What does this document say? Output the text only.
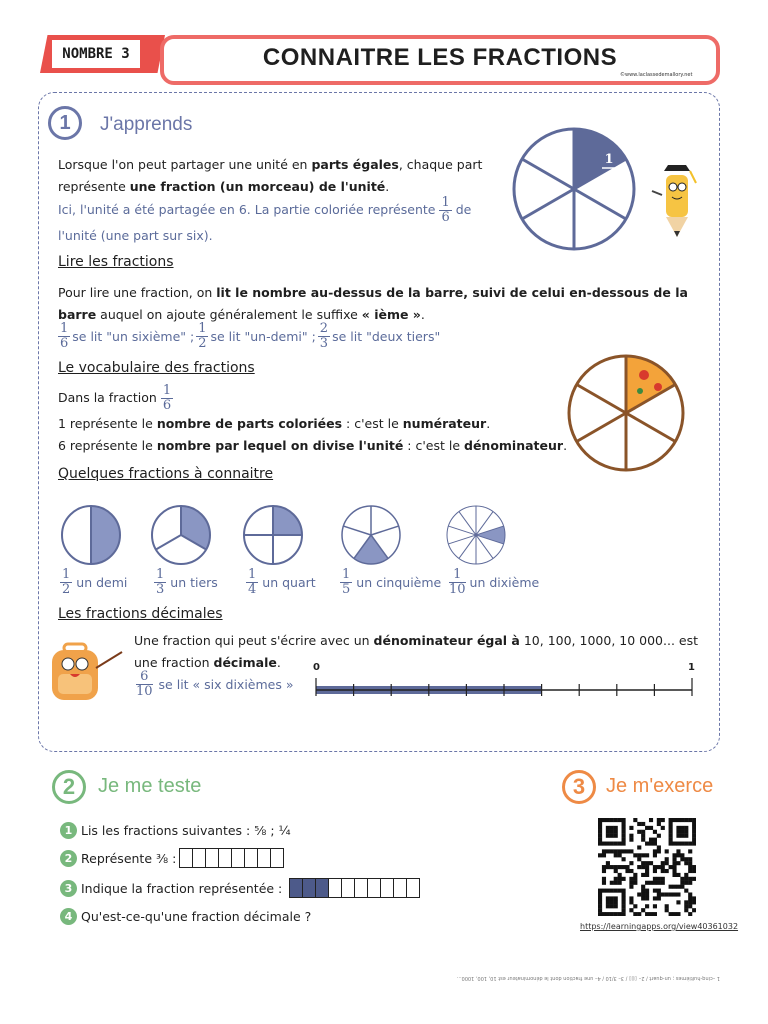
NOMBRE 3	CONNAITRE LES FRACTIONS
©www.laclassedemallory.net
1	J'apprends
Lorsque l'on peut partager une unité en parts égales, chaque part représente une fraction (un morceau) de l'unité.
Ici, l'unité a été partagée en 6. La partie coloriée représente $\frac{1}{6}$ de
l'unité (une part sur six).
1
6
Lire les fractions
Pour lire une fraction, on lit le nombre au-dessus de la barre, suivi de celui en-dessous de la
barre auquel on ajoute généralement le suffixe « ième ».
$\frac{1}{6}$ se lit "un sixième" ; $\frac{1}{2}$ se lit "un-demi" ; $\frac{2}{3}$ se lit "deux tiers"
Le vocabulaire des fractions
Dans la fraction $\frac{1}{6}$

1 représente le nombre de parts coloriées : c'est le numérateur.
6 représente le nombre par lequel on divise l'unité : c'est le dénominateur.
Quelques fractions à connaitre
$\frac{1}{2}$
un demi $\frac{1}{3}$
un tiers $\frac{1}{4}$
un quart $\frac{1}{5}$
un cinquième $\frac{1}{10}$
un dixième
Les fractions décimales
Une fraction qui peut s'écrire avec un dénominateur égal à 10, 100, 1000, 10 000... est
une fraction décimale.
$\frac{6}{10}$ se lit « six dixièmes »
0	1
2	Je me teste
1 Lis les fractions suivantes : ⅝ ; ¼
2 Représente ⅜ :
3 Indique la fraction représentée :
4 Qu'est-ce-qu'une fraction décimale ?
3	Je m'exerce
https://learningapps.org/view40361032
1 –cinq-huitièmes ; un-quart / 2– ▯▯▯ / 3– 3/10 / 4– une fraction dont le dénominateur est 10, 100, 1000...
